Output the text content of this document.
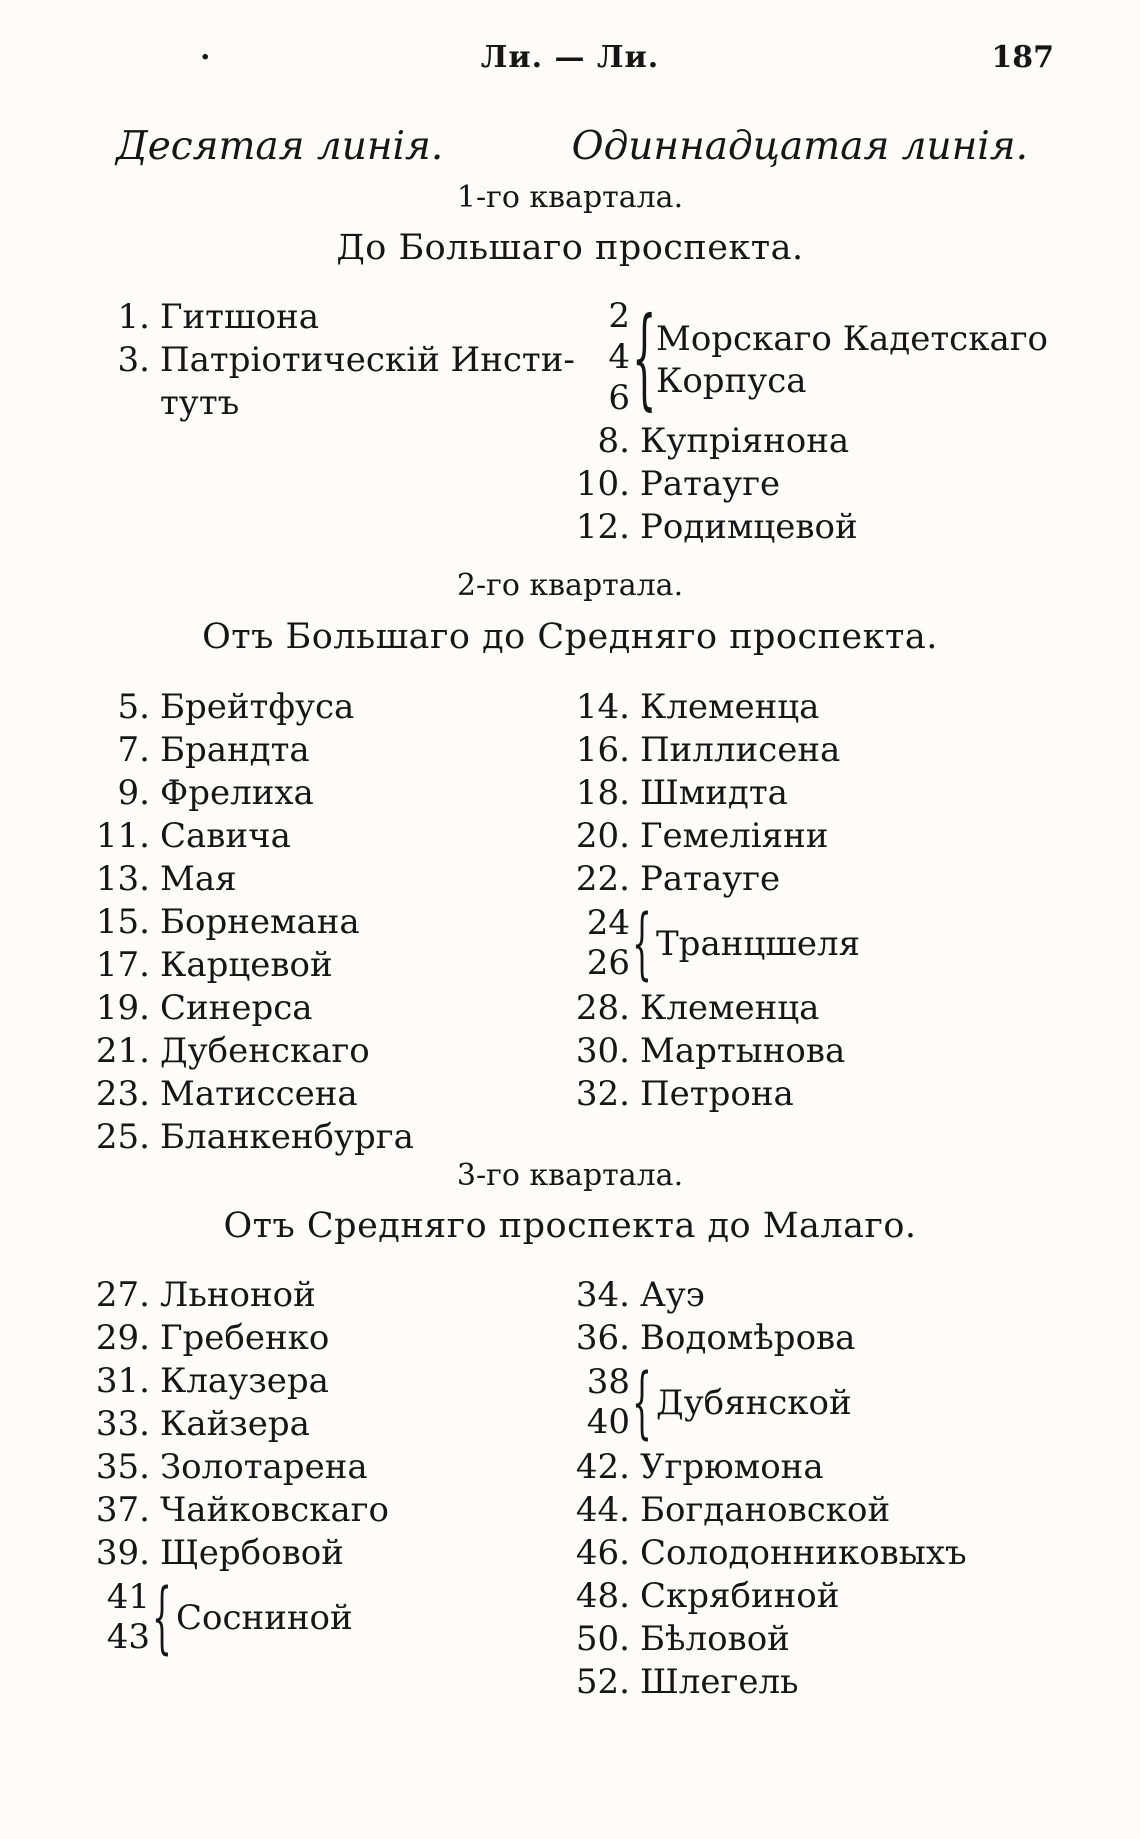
.	Ли. — Ли.	187
Десятая линія.	Одиннадцатая линія.
1-го квартала.
До Большаго проспекта.
1. Гитшона
3. Патріотическій Инсти-
тутъ
2
4
6 { Морскаго Кадетскаго
Корпуса
8. Купріянона
10. Ратауге
12. Родимцевой
2-го квартала.
Отъ Большаго до Средняго проспекта.
5. Брейтфуса
7. Брандта
9. Фрелиха
11. Савича
13. Мая
15. Борнемана
17. Карцевой
19. Синерса
21. Дубенскаго
23. Матиссена
25. Бланкенбурга
14. Клеменца
16. Пиллисена
18. Шмидта
20. Гемеліяни
22. Ратауге
24
26 { Транцшеля
28. Клеменца
30. Мартынова
32. Петрона
3-го квартала.
Отъ Средняго проспекта до Малаго.
27. Льноной
29. Гребенко
31. Клаузера
33. Кайзера
35. Золотарена
37. Чайковскаго
39. Щербовой
41
43 { Сосниной
34. Ауэ
36. Водомѣрова
38
40 { Дубянской
42. Угрюмона
44. Богдановской
46. Солодонниковыхъ
48. Скрябиной
50. Бѣловой
52. Шлегель
